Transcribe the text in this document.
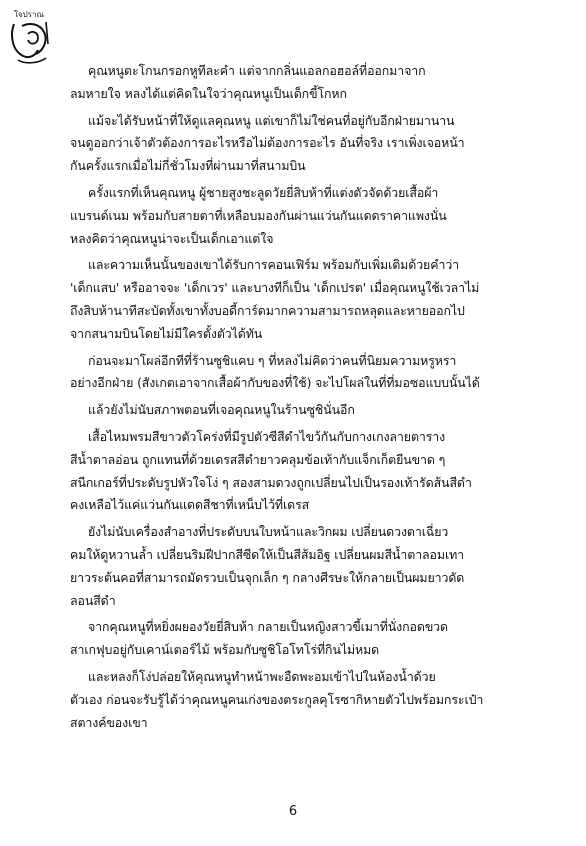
ใจปราณ
คุณหนูตะโกนกรอกหูทีละคำ แต่จากกลิ่นแอลกอฮอล์ที่ออกมาจาก
ลมหายใจ หลงได้แต่คิดในใจว่าคุณหนูเป็นเด็กขี้โกหก
แม้จะได้รับหน้าที่ให้ดูแลคุณหนู แต่เขาก็ไม่ใช่คนที่อยู่กับอีกฝ่ายมานาน
จนดูออกว่าเจ้าตัวต้องการอะไรหรือไม่ต้องการอะไร อันที่จริง เราเพิ่งเจอหน้า
กันครั้งแรกเมื่อไม่กี่ชั่วโมงที่ผ่านมาที่สนามบิน
ครั้งแรกที่เห็นคุณหนู ผู้ชายสูงชะลูดวัยยี่สิบห้าที่แต่งตัวจัดด้วยเสื้อผ้า
แบรนด์เนม พร้อมกับสายตาที่เหลือบมองกันผ่านแว่นกันแดดราคาแพงนั่น
หลงคิดว่าคุณหนูน่าจะเป็นเด็กเอาแต่ใจ
และความเห็นนั้นของเขาได้รับการคอนเฟิร์ม พร้อมกับเพิ่มเติมด้วยคำว่า
'เด็กแสบ' หรืออาจจะ 'เด็กเวร' และบางทีก็เป็น 'เด็กเปรต' เมื่อคุณหนูใช้เวลาไม่
ถึงสิบห้านาทีสะบัดทั้งเขาทั้งบอดี้การ์ดมากความสามารถหลุดและหายออกไป
จากสนามบินโดยไม่มีใครตั้งตัวได้ทัน
ก่อนจะมาโผล่อีกทีที่ร้านซูชิแคบ ๆ ที่หลงไม่คิดว่าคนที่นิยมความหรูหรา
อย่างอีกฝ่าย (สังเกตเอาจากเสื้อผ้ากับของที่ใช้) จะไปโผล่ในที่ที่มอซอแบบนั้นได้
แล้วยังไม่นับสภาพตอนที่เจอคุณหนูในร้านซูชินั่นอีก
เสื้อไหมพรมสีขาวตัวโคร่งที่มีรูปตัวซีสีดำไขว้กันกับกางเกงลายตาราง
สีน้ำตาลอ่อน ถูกแทนที่ด้วยเดรสสีดำยาวคลุมข้อเท้ากับแจ็กเก็ตยีนขาด ๆ
สนีกเกอร์ที่ประดับรูปหัวใจโง่ ๆ สองสามดวงถูกเปลี่ยนไปเป็นรองเท้ารัดส้นสีดำ
คงเหลือไว้แค่แว่นกันแดดสีชาที่เหน็บไว้ที่เดรส
ยังไม่นับเครื่องสำอางที่ประดับบนใบหน้าและวิกผม เปลี่ยนดวงตาเฉี่ยว
คมให้ดูหวานล้ำ เปลี่ยนริมฝีปากสีซีดให้เป็นสีส้มอิฐ เปลี่ยนผมสีน้ำตาลอมเทา
ยาวระต้นคอที่สามารถมัดรวบเป็นจุกเล็ก ๆ กลางศีรษะให้กลายเป็นผมยาวดัด
ลอนสีดำ
จากคุณหนูที่หยิ่งผยองวัยยี่สิบห้า กลายเป็นหญิงสาวขี้เมาที่นั่งกอดขวด
สาเกฟุบอยู่กับเคาน์เตอร์ไม้ พร้อมกับซูชิโอโทโร่ที่กินไม่หมด
และหลงก็โง่ปล่อยให้คุณหนูทำหน้าพะอืดพะอมเข้าไปในห้องน้ำด้วย
ตัวเอง ก่อนจะรับรู้ได้ว่าคุณหนูคนเก่งของตระกูลคุโรซากิหายตัวไปพร้อมกระเป๋า
สตางค์ของเขา
6
